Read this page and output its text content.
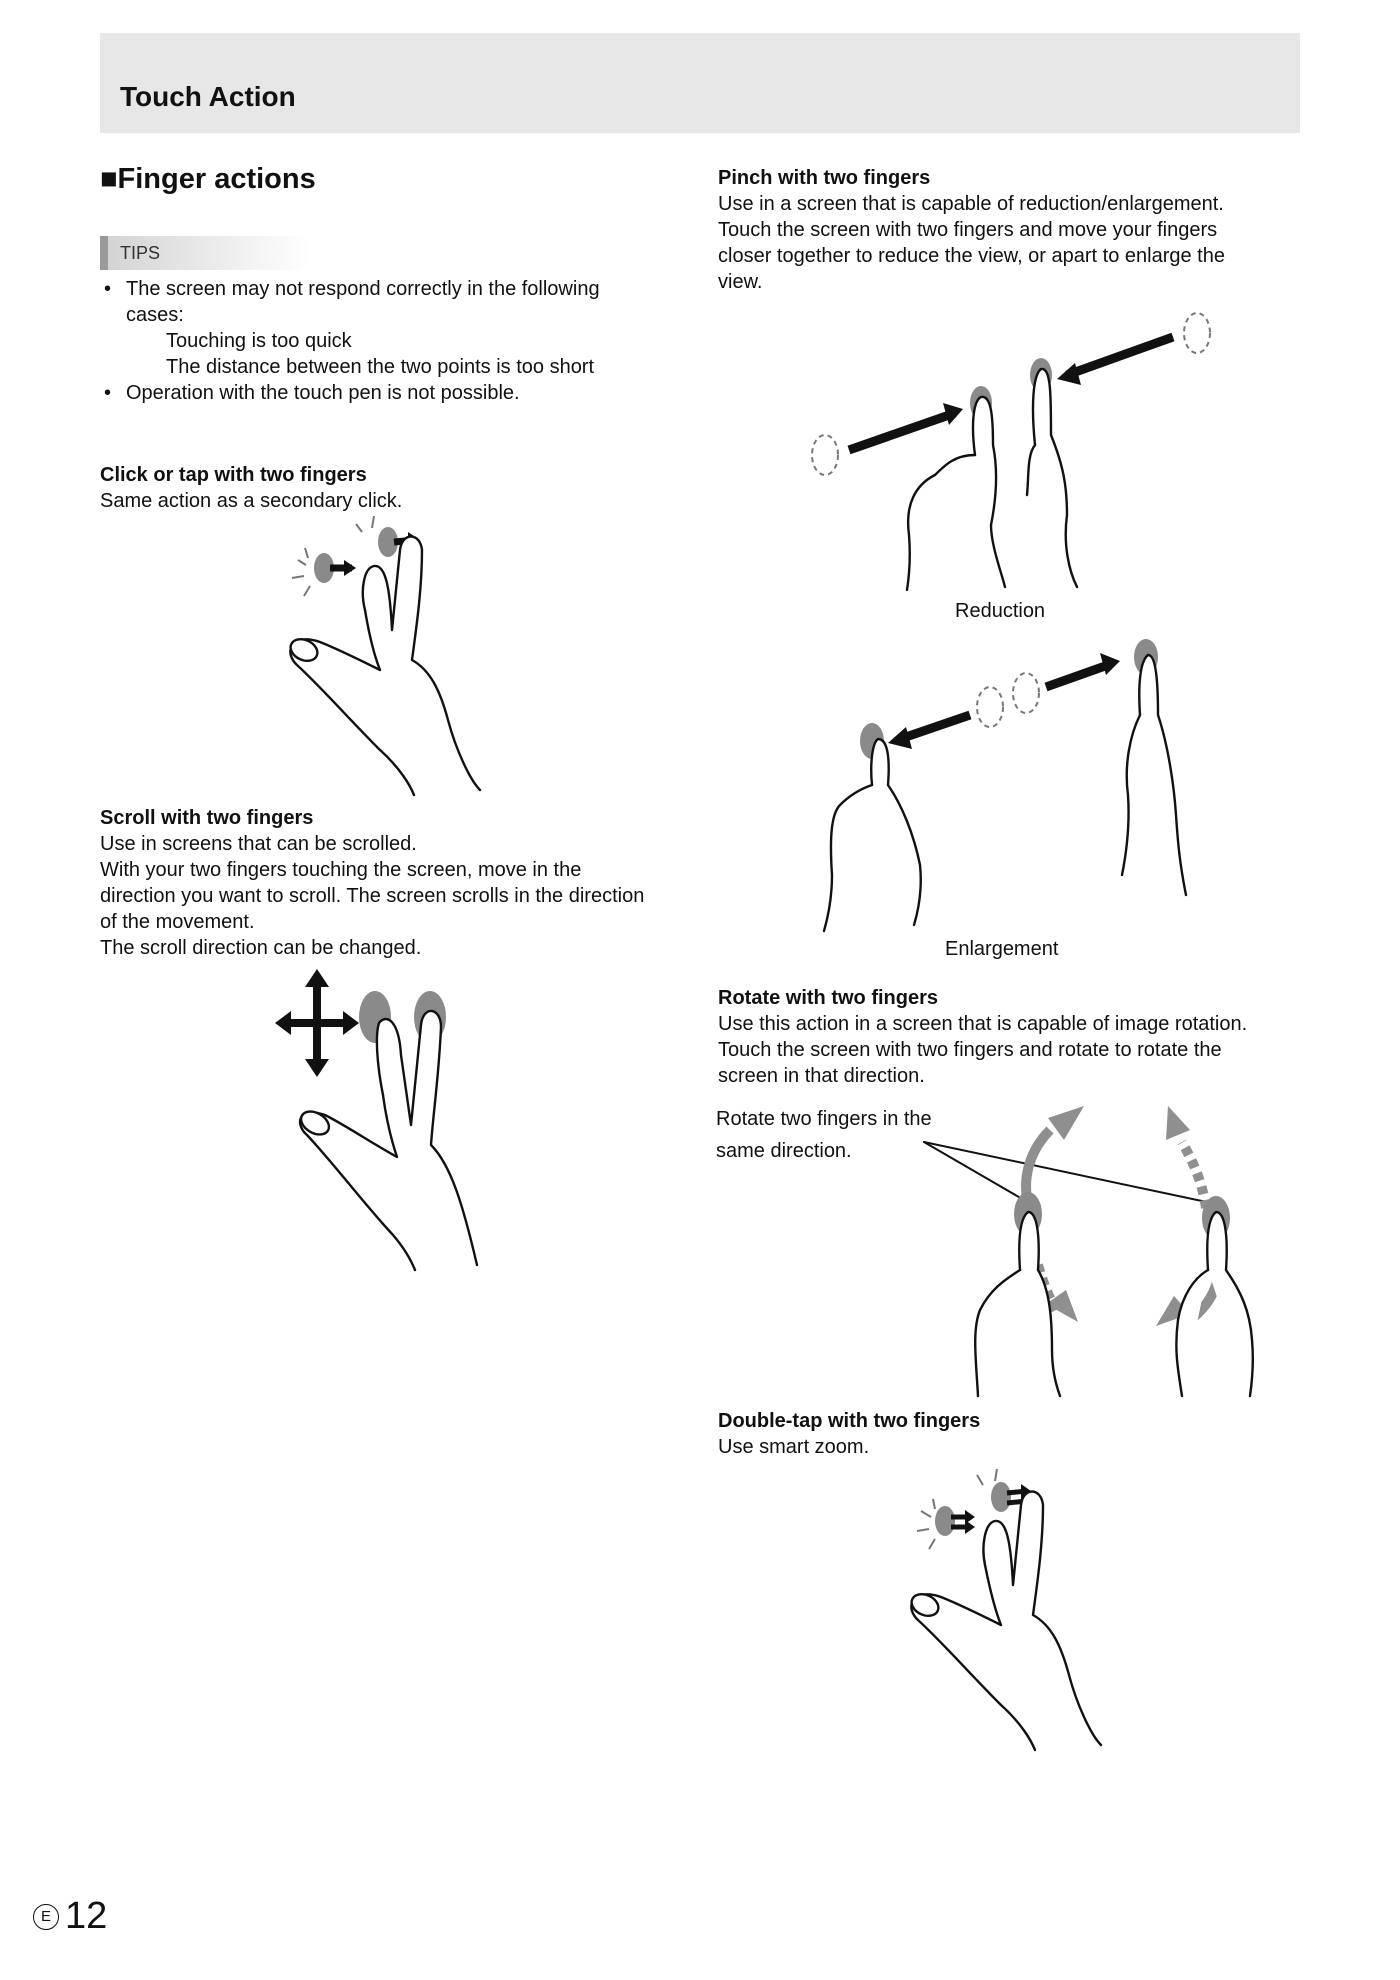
Touch Action
■Finger actions
TIPS
• The screen may not respond correctly in the following
cases:
Touching is too quick
The distance between the two points is too short
• Operation with the touch pen is not possible.

Click or tap with two fingers

Same action as a secondary click.

Scroll with two fingers

Use in screens that can be scrolled.

With your two fingers touching the screen, move in the

direction you want to scroll. The screen scrolls in the direction

of the movement.

The scroll direction can be changed.

Pinch with two fingers

Use in a screen that is capable of reduction/enlargement.

Touch the screen with two fingers and move your fingers

closer together to reduce the view, or apart to enlarge the

view.

Reduction
Enlargement

Rotate with two fingers

Use this action in a screen that is capable of image rotation.

Touch the screen with two fingers and rotate to rotate the

screen in that direction.

Rotate two fingers in the
same direction.

Double-tap with two fingers

Use smart zoom.

E 12
